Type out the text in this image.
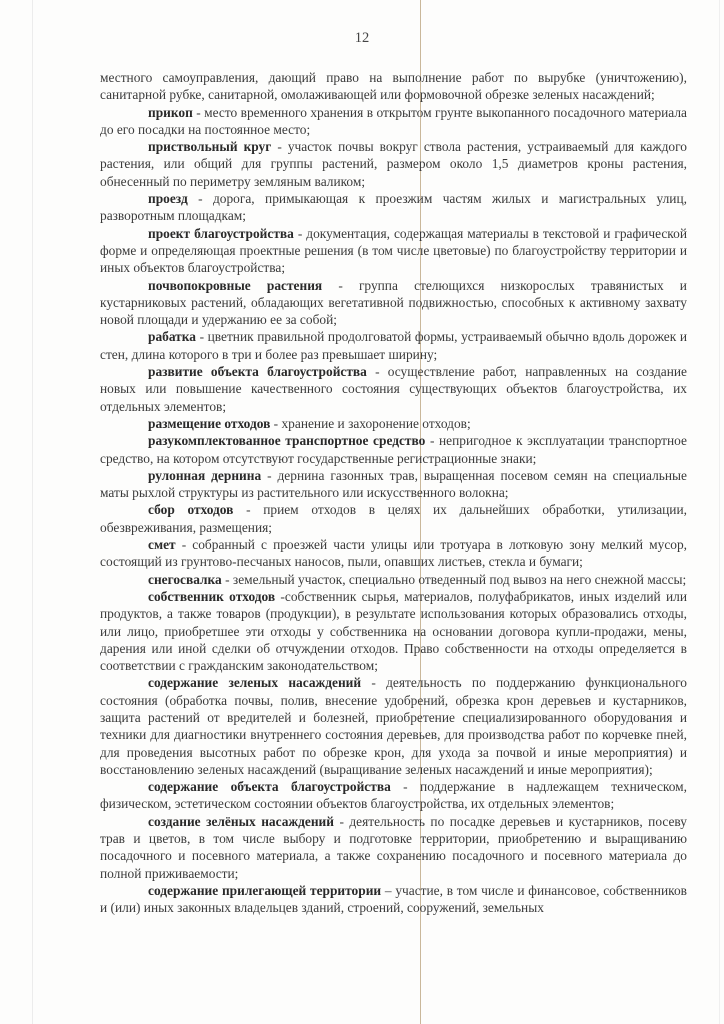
12

местного самоуправления, дающий право на выполнение работ по вырубке (уничтожению), санитарной рубке, санитарной, омолаживающей или формовочной обрезке зеленых насаждений;

прикоп - место временного хранения в открытом грунте выкопанного посадочного материала до его посадки на постоянное место;

приствольный круг - участок почвы вокруг ствола растения, устраиваемый для каждого растения, или общий для группы растений, размером около 1,5 диаметров кроны растения, обнесенный по периметру земляным валиком;

проезд - дорога, примыкающая к проезжим частям жилых и магистральных улиц, разворотным площадкам;

проект благоустройства - документация, содержащая материалы в текстовой и графической форме и определяющая проектные решения (в том числе цветовые) по благоустройству территории и иных объектов благоустройства;

почвопокровные растения - группа стелющихся низкорослых травянистых и кустарниковых растений, обладающих вегетативной подвижностью, способных к активному захвату новой площади и удержанию ее за собой;

рабатка - цветник правильной продолговатой формы, устраиваемый обычно вдоль дорожек и стен, длина которого в три и более раз превышает ширину;

развитие объекта благоустройства - осуществление работ, направленных на создание новых или повышение качественного состояния существующих объектов благоустройства, их отдельных элементов;

размещение отходов - хранение и захоронение отходов;

разукомплектованное транспортное средство - непригодное к эксплуатации транспортное средство, на котором отсутствуют государственные регистрационные знаки;

рулонная дернина - дернина газонных трав, выращенная посевом семян на специальные маты рыхлой структуры из растительного или искусственного волокна;

сбор отходов - прием отходов в целях их дальнейших обработки, утилизации, обезвреживания, размещения;

смет - собранный с проезжей части улицы или тротуара в лотковую зону мелкий мусор, состоящий из грунтово-песчаных наносов, пыли, опавших листьев, стекла и бумаги;

снегосвалка - земельный участок, специально отведенный под вывоз на него снежной массы;

собственник отходов -собственник сырья, материалов, полуфабрикатов, иных изделий или продуктов, а также товаров (продукции), в результате использования которых образовались отходы, или лицо, приобретшее эти отходы у собственника на основании договора купли-продажи, мены, дарения или иной сделки об отчуждении отходов. Право собственности на отходы определяется в соответствии с гражданским законодательством;

содержание зеленых насаждений - деятельность по поддержанию функционального состояния (обработка почвы, полив, внесение удобрений, обрезка крон деревьев и кустарников, защита растений от вредителей и болезней, приобретение специализированного оборудования и техники для диагностики внутреннего состояния деревьев, для производства работ по корчевке пней, для проведения высотных работ по обрезке крон, для ухода за почвой и иные мероприятия) и восстановлению зеленых насаждений (выращивание зеленых насаждений и иные мероприятия);

содержание объекта благоустройства - поддержание в надлежащем техническом, физическом, эстетическом состоянии объектов благоустройства, их отдельных элементов;

создание зелёных насаждений - деятельность по посадке деревьев и кустарников, посеву трав и цветов, в том числе выбору и подготовке территории, приобретению и выращиванию посадочного и посевного материала, а также сохранению посадочного и посевного материала до полной приживаемости;

содержание прилегающей территории – участие, в том числе и финансовое, собственников и (или) иных законных владельцев зданий, строений, сооружений, земельных
